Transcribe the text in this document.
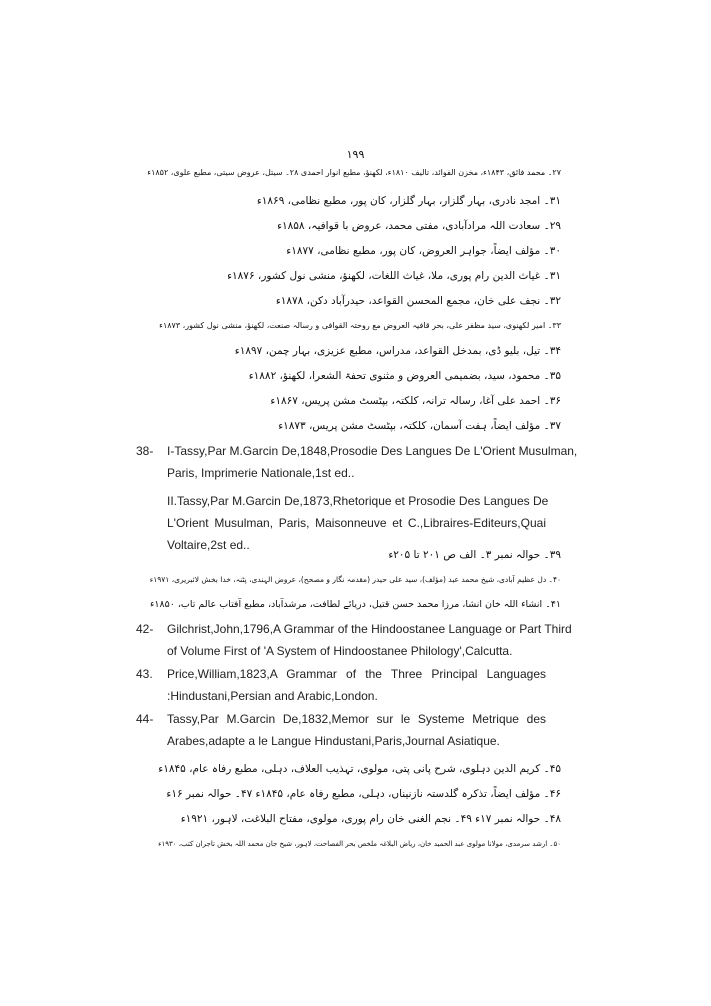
۱۹۹
۲۷۔ محمد فائق، ۱۸۴۳ء، مخزن الفوائد، تالیف ۱۸۱۰ء، لکھنؤ، مطبع انوار احمدی ۲۸۔ سیتل، عروض سیتی، مطبع علوی، ۱۸۵۲ء
۳۱۔ امجد نادری، بہار گلزار، بہار گلزار، کان پور، مطبع نظامی، ۱۸۶۹ء
۲۹۔ سعادت اللہ مرادآبادی، مفتی محمد، عروض با قوافیہ، ۱۸۵۸ء
۳۰۔ مؤلف ایضاً، جواہر العروض، کان پور، مطبع نظامی، ۱۸۷۷ء
۳۱۔ غیاث الدین رام پوری، ملا، غیاث اللغات، لکھنؤ، منشی نول کشور، ۱۸۷۶ء
۳۲۔ نجف علی خان، مجمع المحسن القواعد، حیدرآباد دکن، ۱۸۷۸ء
۳۳۔ امیر لکھنوی، سید مظفر علی، بحر قافیہ العروض مع روحتہ القوافی و رسالہ صنعت، لکھنؤ، منشی نول کشور، ۱۸۷۳ء
۳۴۔ تیل، بلیو ڈی، بمدخل القواعد، مدراس، مطبع عزیزی، بہار چمن، ۱۸۹۷ء
۳۵۔ محمود، سید، بضمیمی العروض و مثنوی تحفۃ الشعرا، لکھنؤ، ۱۸۸۲ء
۳۶۔ احمد علی آغا، رسالہ ترانہ، کلکتہ، بپٹسٹ مشن پریس، ۱۸۶۷ء
۳۷۔ مؤلف ایضاً، ہفت آسمان، کلکتہ، بپٹسٹ مشن پریس، ۱۸۷۳ء
38- I-Tassy,Par M.Garcin De,1848,Prosodie Des Langues De L'Orient Musulman,
Paris, Imprimerie Nationale,1st ed..
II.Tassy,Par M.Garcin De,1873,Rhetorique et Prosodie Des Langues De
L'Orient Musulman, Paris, Maisonneuve et C.,Libraires-Editeurs,Quai
Voltaire,2st ed..
۳۹۔ حوالہ نمبر ۳۔ الف ص ۲۰۱ تا ۲۰۵ء
۴۰۔ دل عظیم آبادی، شیخ محمد عبد (مؤلف)، سید علی حیدر (مقدمہ نگار و مصحح)، عروض الہندی، پٹنہ، خدا بخش لائبریری، ۱۹۷۱ء
۴۱۔ انشاء اللہ خان انشا، مرزا محمد حسن قتیل، دریائے لطافت، مرشدآباد، مطبع آفتاب عالم تاب، ۱۸۵۰ء
42- Gilchrist,John,1796,A Grammar of the Hindoostanee Language or Part Third
of Volume First of 'A System of Hindoostanee Philology',Calcutta.
43. Price,William,1823,A Grammar of the Three Principal Languages
:Hindustani,Persian and Arabic,London.
44- Tassy,Par M.Garcin De,1832,Memor sur le Systeme Metrique des
Arabes,adapte a le Langue Hindustani,Paris,Journal Asiatique.
۴۵۔ کریم الدین دہلوی، شرح پانی پتی، مولوی، تہذیب العلاف، دہلی، مطبع رفاہ عام، ۱۸۴۵ء
۴۶۔ مؤلف ایضاً، تذکرہ گلدستہ نازنیناں، دہلی، مطبع رفاہ عام، ۱۸۴۵ء ۴۷۔ حوالہ نمبر ۱۶ء
۴۸۔ حوالہ نمبر ۱۷ء ۴۹۔ نجم الغنی خان رام پوری، مولوی، مفتاح البلاغت، لاہور، ۱۹۲۱ء
۵۰۔ ارشد سرمدی، مولانا مولوی عبد الحمید خان، ریاض البلاغہ ملخص بحر الفصاحت، لاہور، شیخ جان محمد اللہ بخش تاجران کتب، ۱۹۳۰ء
